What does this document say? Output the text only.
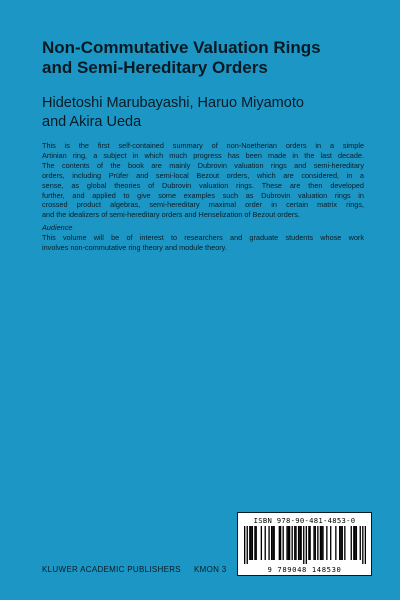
Non-Commutative Valuation Rings
and Semi-Hereditary Orders
Hidetoshi Marubayashi, Haruo Miyamoto
and Akira Ueda

This is the first self-contained summary of non-Noetherian orders in a simple
Artinian ring, a subject in which much progress has been made in the last decade.
The contents of the book are mainly Dubrovin valuation rings and semi-hereditary
orders, including Prüfer and semi-local Bezout orders, which are considered, in a
sense, as global theories of Dubrovin valuation rings. These are then developed
further, and applied to give some examples such as Dubrovin valuation rings in
crossed product algebras, semi-hereditary maximal order in certain matrix rings,
and the idealizers of semi-hereditary orders and Henselization of Bezout orders.

Audience

This volume will be of interest to researchers and graduate students whose work
involves non-commutative ring theory and module theory.

ISBN 978-90-481-4853-0
9 789048 148530
KLUWER ACADEMIC PUBLISHERS KMON 3
